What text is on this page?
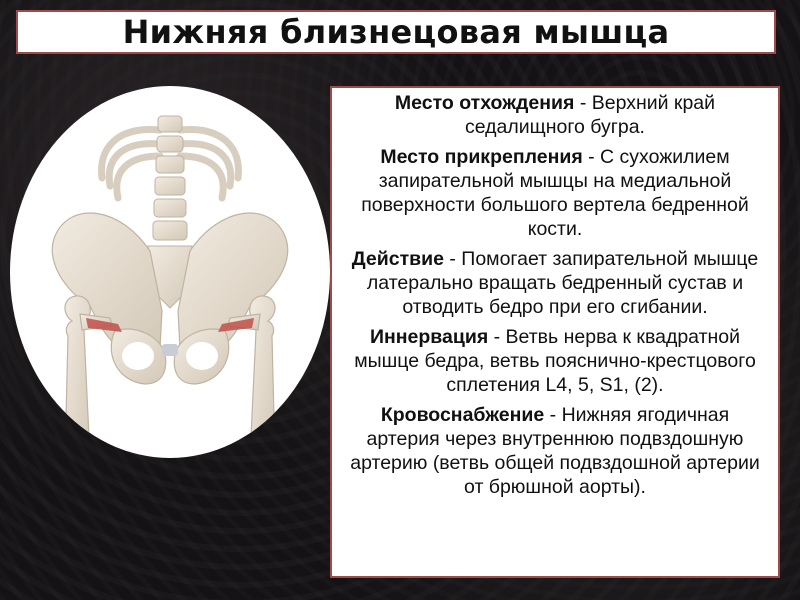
Нижняя близнецовая мышца

Место отхождения - Верхний край седалищного бугра.

Место прикрепления - С сухожилием запирательной мышцы на медиальной поверхности большого вертела бедренной кости.

Действие - Помогает запирательной мышце латерально вращать бедренный сустав и отводить бедро при его сгибании.

Иннервация - Ветвь нерва к квадратной мышце бедра, ветвь пояснично-крестцового сплетения L4, 5, S1, (2).

Кровоснабжение - Нижняя ягодичная артерия через внутреннюю подвздошную артерию (ветвь общей подвздошной артерии от брюшной аорты).
